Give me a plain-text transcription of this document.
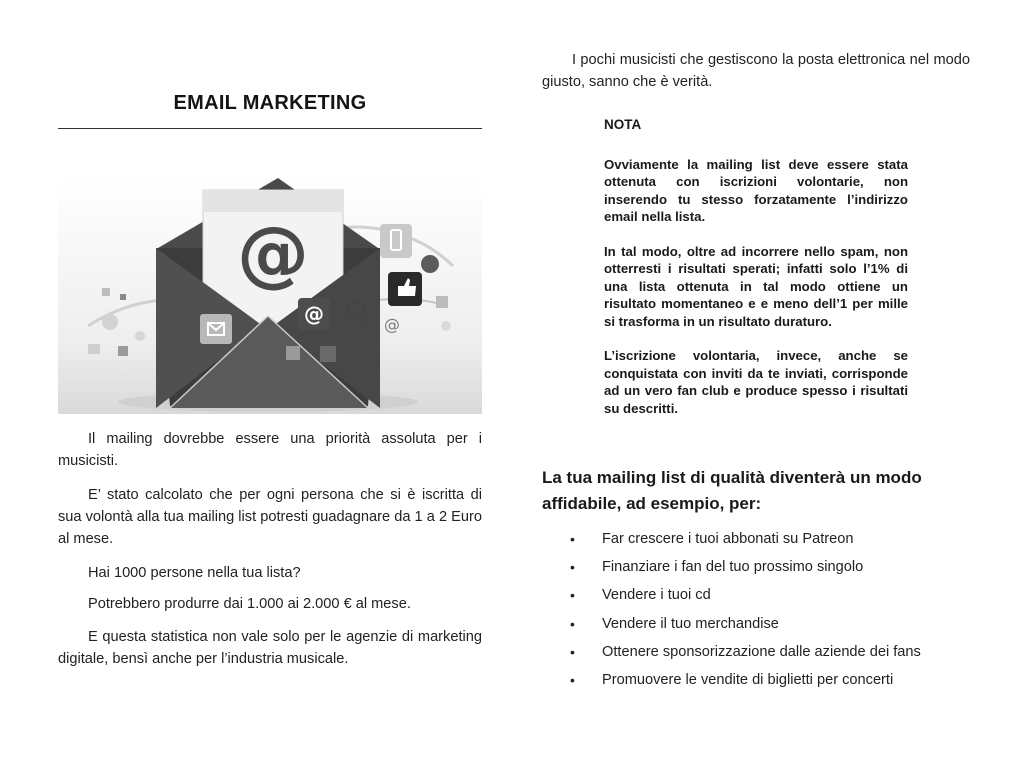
EMAIL MARKETING
@
@	@

Il mailing dovrebbe essere una priorità assoluta per i musicisti.

E’ stato calcolato che per ogni persona che si è iscritta di sua volontà alla tua mailing list potresti guadagnare da 1 a 2 Euro al mese.

Hai 1000 persone nella tua lista?

Potrebbero produrre dai 1.000 ai 2.000 € al mese.

E questa statistica non vale solo per le agenzie di marketing digitale, bensì anche per l’industria musicale.

I pochi musicisti che gestiscono la posta elettronica nel modo giusto, sanno che è verità.

NOTA

Ovviamente la mailing list deve essere stata ottenuta con iscrizioni volontarie, non inserendo tu stesso forzatamente l’indirizzo email nella lista.

In tal modo, oltre ad incorrere nello spam, non otterresti i risultati sperati; infatti solo l’1% di una lista ottenuta in tal modo ottiene un risultato momentaneo e e meno dell’1 per mille si trasforma in un risultato duraturo.

L’iscrizione volontaria, invece, anche se conquistata con inviti da te inviati, corrisponde ad un vero fan club e produce spesso i risultati su descritti.

La tua mailing list di qualità diventerà un modo affidabile, ad esempio, per:
• Far crescere i tuoi abbonati su Patreon
• Finanziare i fan del tuo prossimo singolo
• Vendere i tuoi cd
• Vendere il tuo merchandise
• Ottenere sponsorizzazione dalle aziende dei fans
• Promuovere le vendite di biglietti per concerti
